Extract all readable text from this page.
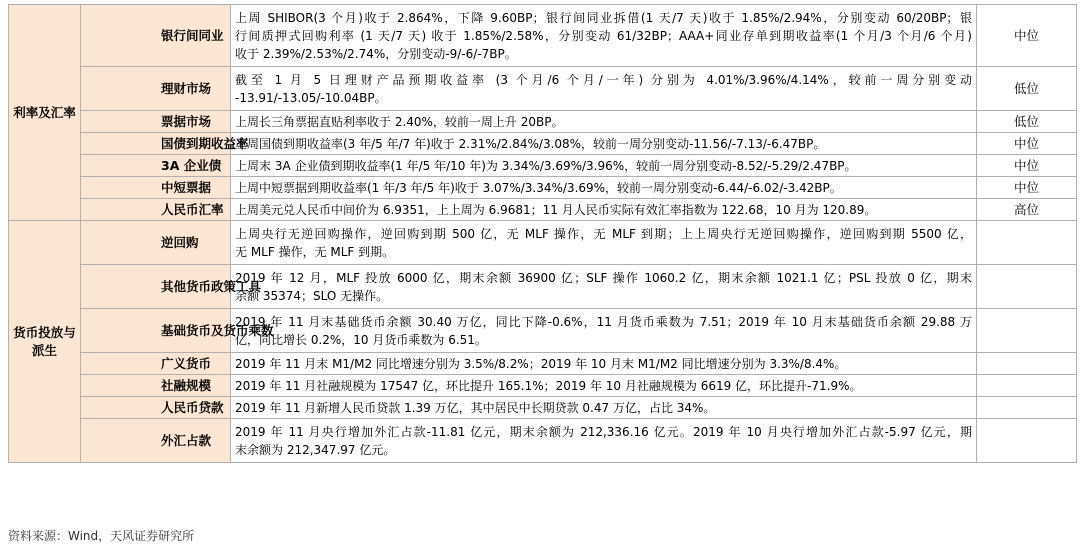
利率及汇率	银行间同业	上周 SHIBOR(3 个月)收于 2.864%，下降 9.60BP；银行间同业拆借(1 天/7 天)收于 1.85%/2.94%，分别变动 60/20BP；银
行间质押式回购利率 (1 天/7 天) 收于 1.85%/2.58%，分别变动 61/32BP；AAA+同业存单到期收益率(1 个月/3 个月/6 个月)
收于 2.39%/2.53%/2.74%，分别变动-9/-6/-7BP。	中位
	理财市场	截至 1 月 5 日理财产品预期收益率 (3 个月/6 个月/一年) 分别为 4.01%/3.96%/4.14%，较前一周分别变动
-13.91/-13.05/-10.04BP。	低位
	票据市场	上周长三角票据直贴利率收于 2.40%，较前一周上升 20BP。	低位
	国债到期收益率	上周国债到期收益率(3 年/5 年/7 年)收于 2.31%/2.84%/3.08%，较前一周分别变动-11.56/-7.13/-6.47BP。	中位
	3A 企业债	上周末 3A 企业债到期收益率(1 年/5 年/10 年)为 3.34%/3.69%/3.96%，较前一周分别变动-8.52/-5.29/2.47BP。	中位
	中短票据	上周中短票据到期收益率(1 年/3 年/5 年)收于 3.07%/3.34%/3.69%，较前一周分别变动-6.44/-6.02/-3.42BP。	中位
	人民币汇率	上周美元兑人民币中间价为 6.9351，上上周为 6.9681；11 月人民币实际有效汇率指数为 122.68，10 月为 120.89。	高位
货币投放与派生	逆回购	上周央行无逆回购操作，逆回购到期 500 亿，无 MLF 操作，无 MLF 到期；上上周央行无逆回购操作，逆回购到期 5500 亿，
无 MLF 操作，无 MLF 到期。	

	其他货币政策工具	2019 年 12 月，MLF 投放 6000 亿，期末余额 36900 亿；SLF 操作 1060.2 亿，期末余额 1021.1 亿；PSL 投放 0 亿，期末
余额 35374；SLO 无操作。	

	基础货币及货币乘数	2019 年 11 月末基础货币余额 30.40 万亿，同比下降-0.6%，11 月货币乘数为 7.51；2019 年 10 月末基础货币余额 29.88 万
亿，同比增长 0.2%，10 月货币乘数为 6.51。	

	广义货币	2019 年 11 月末 M1/M2 同比增速分别为 3.5%/8.2%；2019 年 10 月末 M1/M2 同比增速分别为 3.3%/8.4%。	

	社融规模	2019 年 11 月社融规模为 17547 亿，环比提升 165.1%；2019 年 10 月社融规模为 6619 亿，环比提升-71.9%。	

	人民币贷款	2019 年 11 月新增人民币贷款 1.39 万亿，其中居民中长期贷款 0.47 万亿，占比 34%。	

	外汇占款	2019 年 11 月央行增加外汇占款-11.81 亿元，期末余额为 212,336.16 亿元。2019 年 10 月央行增加外汇占款-5.97 亿元，期
末余额为 212,347.97 亿元。	

资料来源：Wind，天风证券研究所
